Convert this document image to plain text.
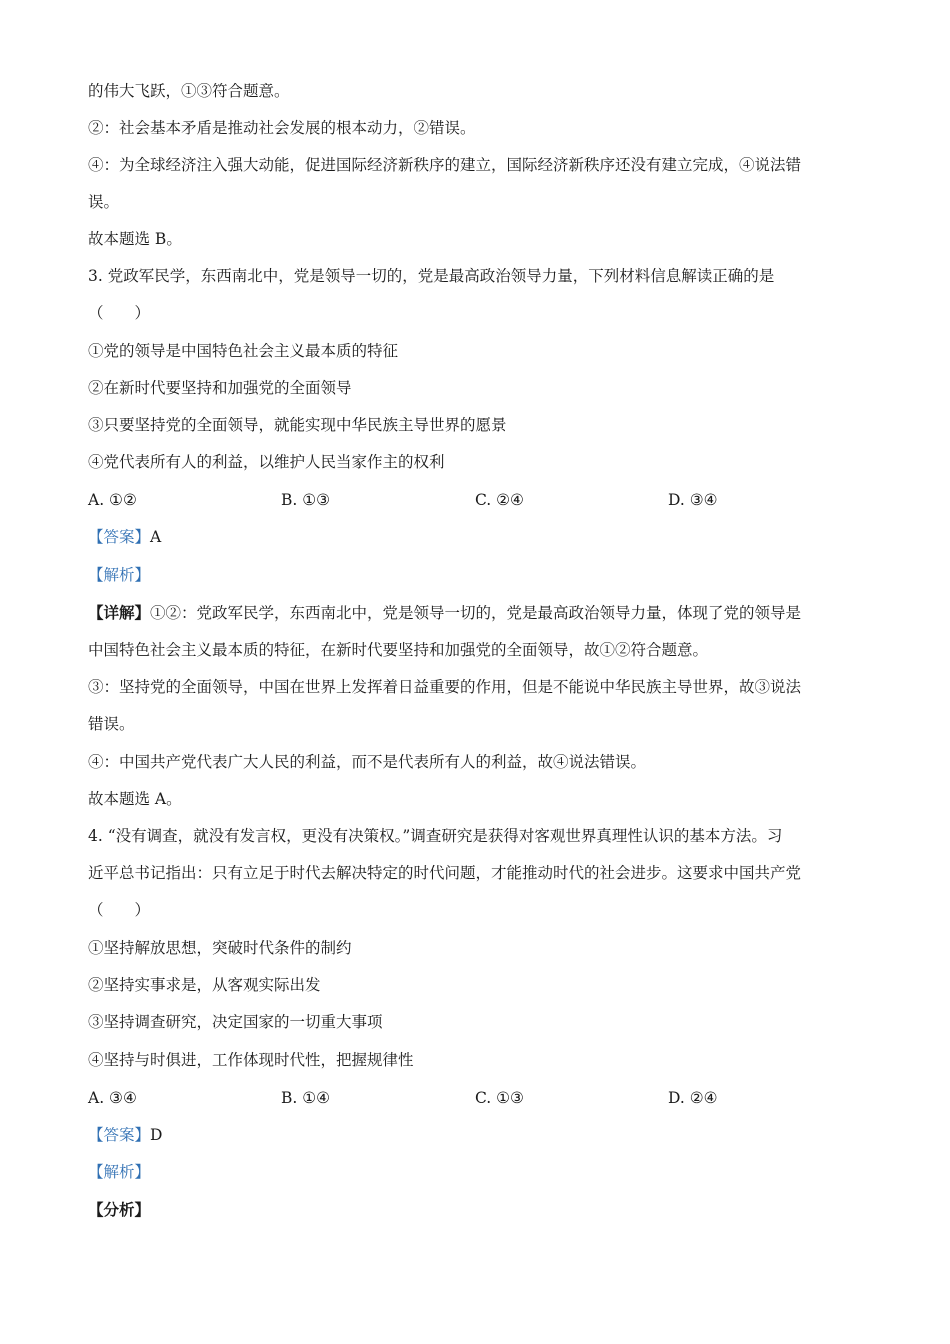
的伟大飞跃，①③符合题意。
②：社会基本矛盾是推动社会发展的根本动力，②错误。
④：为全球经济注入强大动能，促进国际经济新秩序的建立，国际经济新秩序还没有建立完成，④说法错
误。
故本题选 B。
3. 党政军民学，东西南北中，党是领导一切的，党是最高政治领导力量，下列材料信息解读正确的是
（　　）
①党的领导是中国特色社会主义最本质的特征
②在新时代要坚持和加强党的全面领导
③只要坚持党的全面领导，就能实现中华民族主导世界的愿景
④党代表所有人的利益，以维护人民当家作主的权利
A. ①②	B. ①③	C. ②④	D. ③④
【答案】A
【解析】
【详解】①②：党政军民学，东西南北中，党是领导一切的，党是最高政治领导力量，体现了党的领导是
中国特色社会主义最本质的特征，在新时代要坚持和加强党的全面领导，故①②符合题意。
③：坚持党的全面领导，中国在世界上发挥着日益重要的作用，但是不能说中华民族主导世界，故③说法
错误。
④：中国共产党代表广大人民的利益，而不是代表所有人的利益，故④说法错误。
故本题选 A。
4. “没有调查，就没有发言权，更没有决策权。”调查研究是获得对客观世界真理性认识的基本方法。习
近平总书记指出：只有立足于时代去解决特定的时代问题，才能推动时代的社会进步。这要求中国共产党
（　　）
①坚持解放思想，突破时代条件的制约
②坚持实事求是，从客观实际出发
③坚持调查研究，决定国家的一切重大事项
④坚持与时俱进，工作体现时代性，把握规律性
A. ③④	B. ①④	C. ①③	D. ②④
【答案】D
【解析】
【分析】
